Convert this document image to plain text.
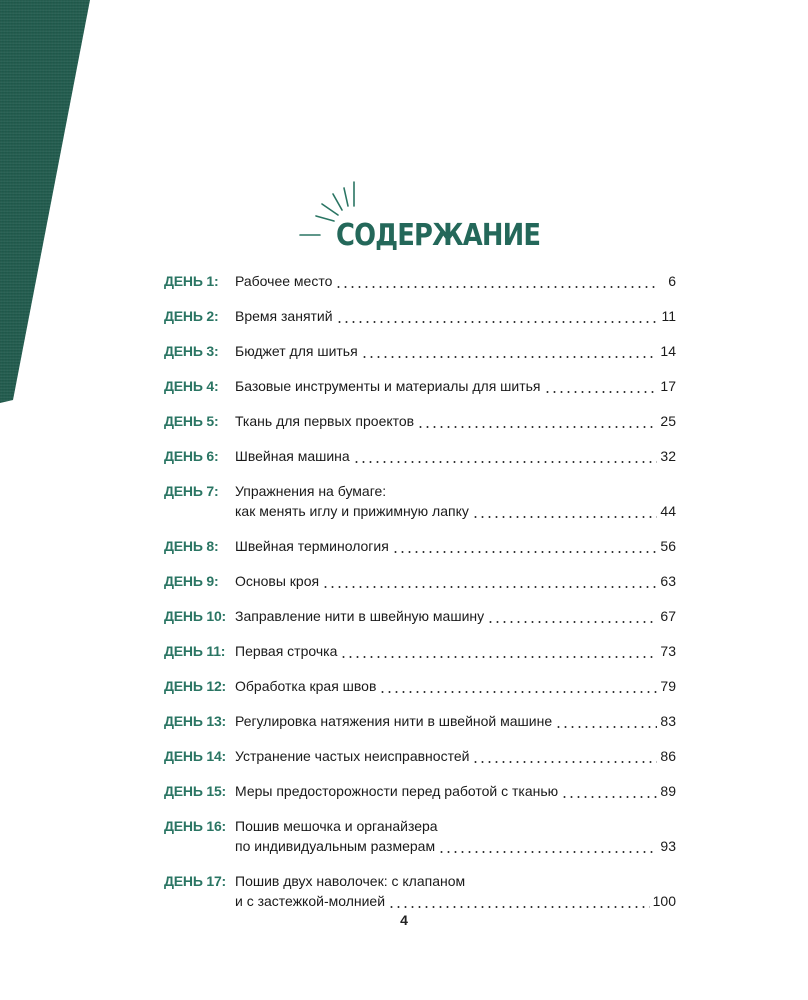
СОДЕРЖАНИЕ
ДЕНЬ 1:	Рабочее место	6
ДЕНЬ 2:	Время занятий	11
ДЕНЬ 3:	Бюджет для шитья	14
ДЕНЬ 4:	Базовые инструменты и материалы для шитья	17
ДЕНЬ 5:	Ткань для первых проектов	25
ДЕНЬ 6:	Швейная машина	32
ДЕНЬ 7:	Упражнения на бумаге:
как менять иглу и прижимную лапку	44
ДЕНЬ 8:	Швейная терминология	56
ДЕНЬ 9:	Основы кроя	63
ДЕНЬ 10: Заправление нити в швейную машину	67
ДЕНЬ 11: Первая строчка	73
ДЕНЬ 12: Обработка края швов	79
ДЕНЬ 13: Регулировка натяжения нити в швейной машине	83
ДЕНЬ 14: Устранение частых неисправностей	86
ДЕНЬ 15: Меры предосторожности перед работой с тканью	89
ДЕНЬ 16: Пошив мешочка и органайзера
по индивидуальным размерам	93
ДЕНЬ 17: Пошив двух наволочек: с клапаном
и с застежкой-молнией	100
4
